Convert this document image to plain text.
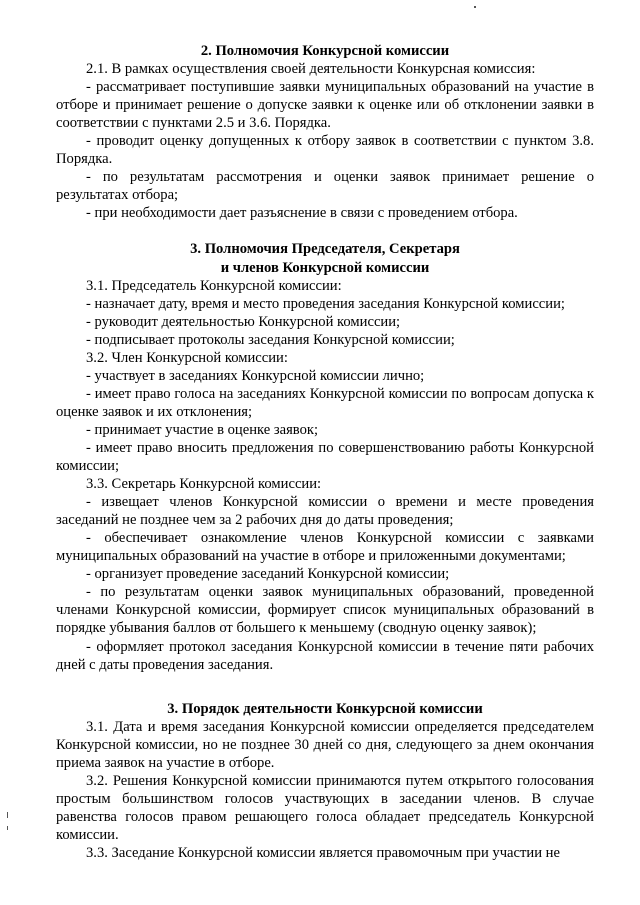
2. Полномочия Конкурсной комиссии

2.1. В рамках осуществления своей деятельности Конкурсная комиссия:

- рассматривает поступившие заявки муниципальных образований на участие в отборе и принимает решение о допуске заявки к оценке или об отклонении заявки в соответствии с пунктами 2.5 и 3.6. Порядка.

- проводит оценку допущенных к отбору заявок в соответствии с пунктом 3.8. Порядка.

- по результатам рассмотрения и оценки заявок принимает решение о результатах отбора;

- при необходимости дает разъяснение в связи с проведением отбора.

3. Полномочия Председателя, Секретаря
и членов Конкурсной комиссии

3.1. Председатель Конкурсной комиссии:

- назначает дату, время и место проведения заседания Конкурсной комиссии;

- руководит деятельностью Конкурсной комиссии;

- подписывает протоколы заседания Конкурсной комиссии;

3.2. Член Конкурсной комиссии:

- участвует в заседаниях Конкурсной комиссии лично;

- имеет право голоса на заседаниях Конкурсной комиссии по вопросам допуска к оценке заявок и их отклонения;

- принимает участие в оценке заявок;

- имеет право вносить предложения по совершенствованию работы Конкурсной комиссии;

3.3. Секретарь Конкурсной комиссии:

- извещает членов Конкурсной комиссии о времени и месте проведения заседаний не позднее чем за 2 рабочих дня до даты проведения;

- обеспечивает ознакомление членов Конкурсной комиссии с заявками муниципальных образований на участие в отборе и приложенными документами;

- организует проведение заседаний Конкурсной комиссии;

- по результатам оценки заявок муниципальных образований, проведенной членами Конкурсной комиссии, формирует список муниципальных образований в порядке убывания баллов от большего к меньшему (сводную оценку заявок);

- оформляет протокол заседания Конкурсной комиссии в течение пяти рабочих дней с даты проведения заседания.

3. Порядок деятельности Конкурсной комиссии

3.1. Дата и время заседания Конкурсной комиссии определяется председателем Конкурсной комиссии, но не позднее 30 дней со дня, следующего за днем окончания приема заявок на участие в отборе.

3.2. Решения Конкурсной комиссии принимаются путем открытого голосования простым большинством голосов участвующих в заседании членов. В случае равенства голосов правом решающего голоса обладает председатель Конкурсной комиссии.

3.3. Заседание Конкурсной комиссии является правомочным при участии не
